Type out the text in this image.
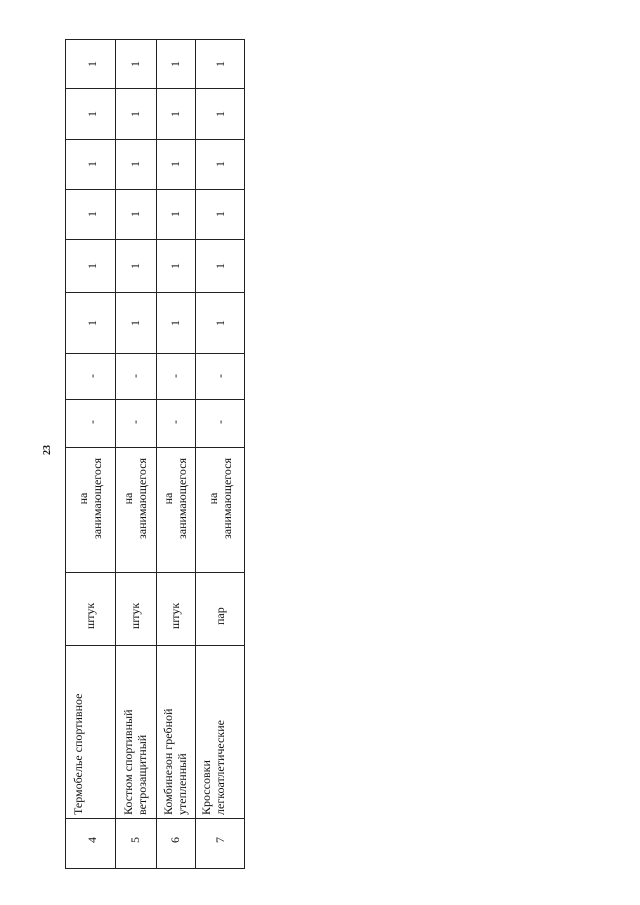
23
4
Термобелье спортивное
штук
на занимающегося
-
-
1
1
1
1
1
1
5
Костюм спортивный ветрозащитный
штук
на занимающегося
-
-
1
1
1
1
1
1
6
Комбинезон гребной утепленный
штук
на занимающегося
-
-
1
1
1
1
1
1
7
Кроссовки легкоатлетические
пар
на занимающегося
-
-
1
1
1
1
1
1
